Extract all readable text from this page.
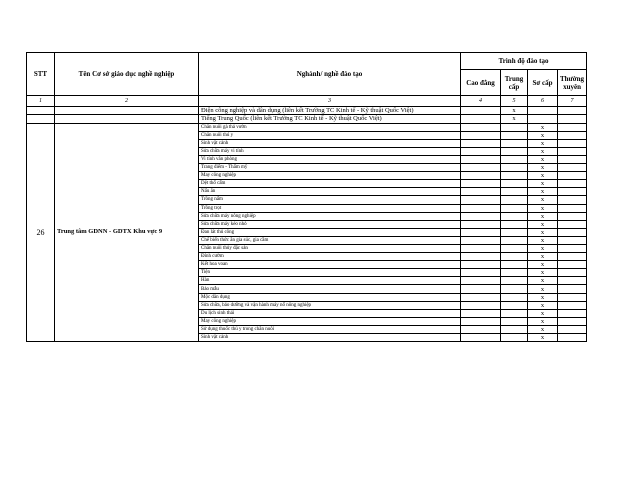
STT	Tên Cơ sở giáo dục nghề nghiệp	Nghành/ nghề đào tạo	Trình độ đào tạo			
			Cao đẳng	Trung cấp	Sơ cấp	Thường xuyên
1	2	3	4	5	6	7
		Điện công nghiệp và dân dụng (liên kết Trường TC Kinh tế - Kỹ thuật Quốc Việt)		x		
		Tiếng Trung Quốc (liên kết Trường TC Kinh tế - Kỹ thuật Quốc Việt)		x		
26	Trung tâm GDNN - GDTX Khu vực 9	Chăn nuôi gà thả vườn			x	
		Chăn nuôi thú y			x	
		Sinh vật cảnh			x	
		Sửa chữa máy vi tính			x	
		Vi tính văn phòng			x	
		Trang điểm - Thẩm mỹ			x	
		May công nghiệp			x	
		Dệt thổ cẩm			x	
		Nấu ăn			x	
		Trồng nấm			x	
		Trồng trọt			x	
		Sửa chữa máy nông nghiệp			x	
		Sửa chữa máy kéo nhỏ			x	
		Đan lát thủ công			x	
		Chế biến thức ăn gia súc, gia cầm			x	
		Chăn nuôi thủy đặc sản			x	
		Đính cườm			x	
		Kết hoa voan			x	
		Tiện			x	
		Hàn			x	
		Bảo mẫu			x	
		Mộc dân dụng			x	
		Sửa chữa, bảo dưỡng và vận hành máy nổ nông nghiệp			x	
		Du lịch sinh thái			x	
		May công nghiệp			x	
		Sử dụng thuốc thú y trong chăn nuôi			x	
		Sinh vật cảnh			x	
